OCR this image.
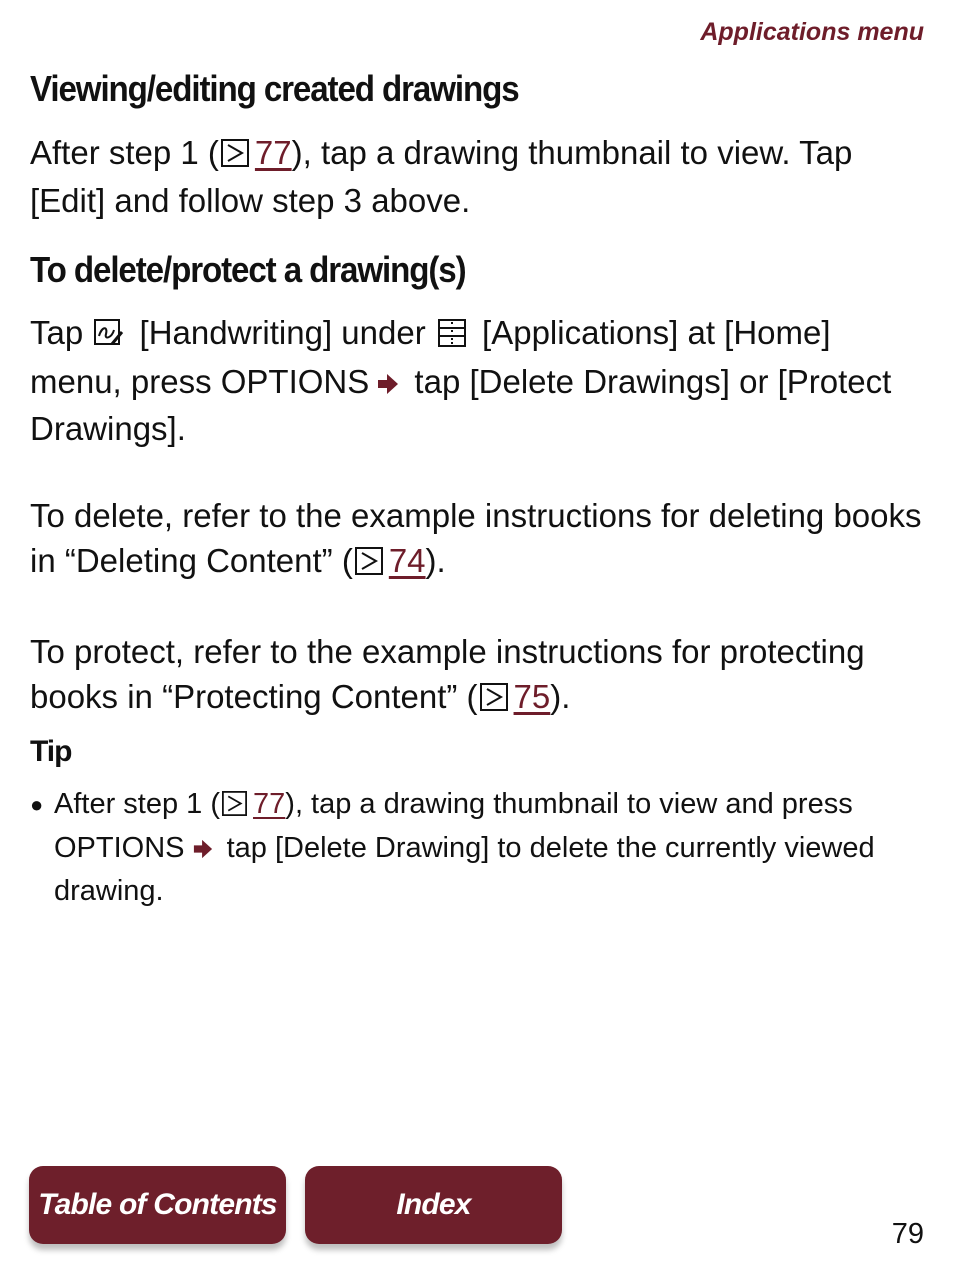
Applications menu
Viewing/editing created drawings

After step 1 ( 77), tap a drawing thumbnail to view. Tap [Edit] and follow step 3 above.

To delete/protect a drawing(s)

Tap  [Handwriting] under  [Applications] at [Home] menu, press OPTIONS tap [Delete Drawings] or [Protect Drawings].

To delete, refer to the example instructions for deleting books in “Deleting Content” ( 74).

To protect, refer to the example instructions for protecting books in “Protecting Content” ( 75).

Tip
● After step 1 ( 77), tap a drawing thumbnail to view and press OPTIONS tap [Delete Drawing] to delete the currently viewed drawing.
Table of Contents	Index
79
